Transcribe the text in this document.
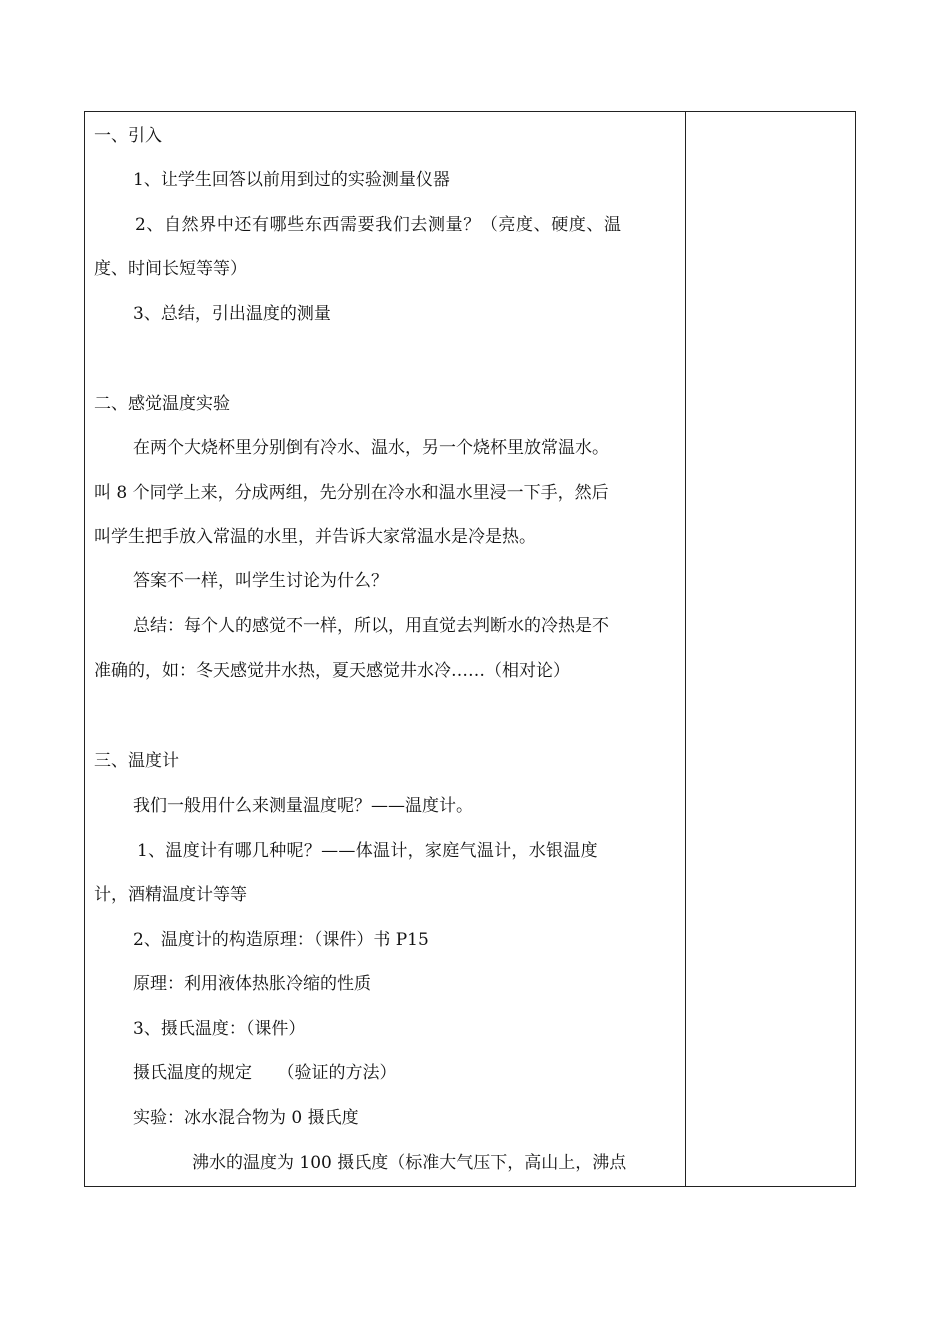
一、引入
1、让学生回答以前用到过的实验测量仪器
2、自然界中还有哪些东西需要我们去测量？（亮度、硬度、温
度、时间长短等等）
3、总结，引出温度的测量
二、感觉温度实验
在两个大烧杯里分别倒有冷水、温水，另一个烧杯里放常温水。
叫 8 个同学上来，分成两组，先分别在冷水和温水里浸一下手，然后
叫学生把手放入常温的水里，并告诉大家常温水是冷是热。
答案不一样，叫学生讨论为什么？
总结：每个人的感觉不一样，所以，用直觉去判断水的冷热是不
准确的，如：冬天感觉井水热，夏天感觉井水冷……（相对论）
三、温度计
我们一般用什么来测量温度呢？——温度计。
1、温度计有哪几种呢？——体温计，家庭气温计，水银温度
计，酒精温度计等等
2、温度计的构造原理：（课件）书 P15
原理：利用液体热胀冷缩的性质
3、摄氏温度：（课件）
摄氏温度的规定　　（验证的方法）
实验：冰水混合物为 0 摄氏度
沸水的温度为 100 摄氏度（标准大气压下，高山上，沸点
